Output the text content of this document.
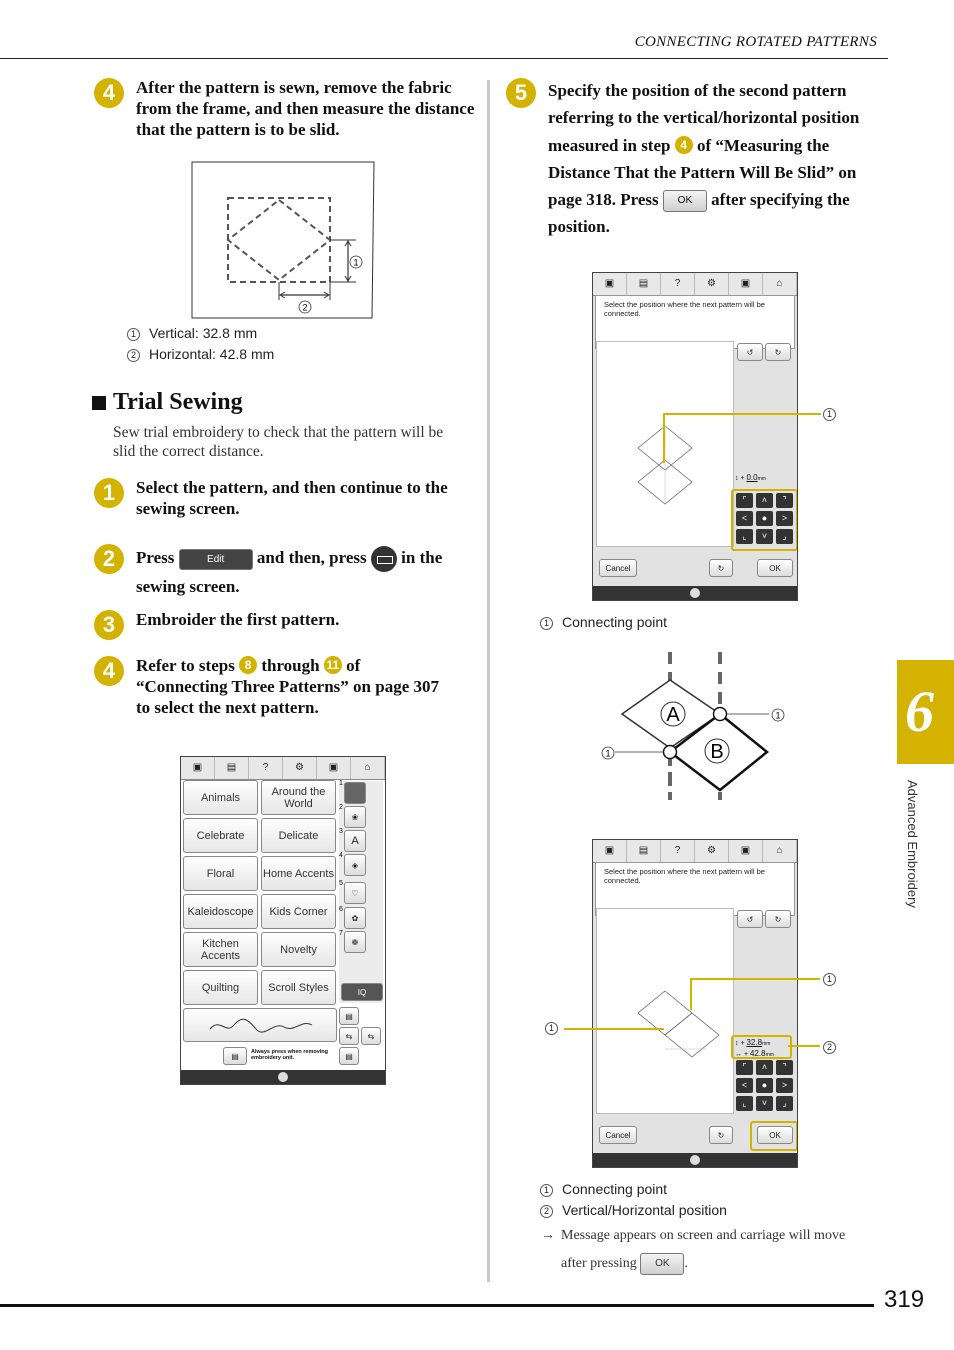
CONNECTING ROTATED PATTERNS
319
6
Advanced Embroidery
4	After the pattern is sewn, remove the fabric from the frame, and then measure the distance that the pattern is to be slid.
1
2
1 Vertical: 32.8 mm
2 Horizontal: 42.8 mm
Trial Sewing
Sew trial embroidery to check that the pattern will be slid the correct distance.
1	Select the pattern, and then continue to the sewing screen.
2	Press	Edit and then, press in the
sewing screen.
3	Embroider the first pattern.
4	Refer to steps 8 through 11 of
“Connecting Three Patterns” on page 307
to select the next pattern.
▣	▤	?	⚙	▣	⌂
Animals	Around the World
Celebrate	Delicate
Floral	Home Accents
Kaleidoscope	Kids Corner
Kitchen Accents	Novelty
Quilting	Scroll Styles
1
2
3
4
5
6
7
❀
A
◈
♡
✿
❁
IQ
▤
⇆	⇆
▤	Always press when removing embroidery unit.	▤
5	Specify the position of the second pattern
referring to the vertical/horizontal position
measured in step 4 of “Measuring the
Distance That the Pattern Will Be Slid” on
page 318. Press OK after specifying the
position.
▣	▤	?	⚙	▣	⌂
Select the position where the next pattern will be connected.
↺	↻
↕ + 0.0mm
⌜	˄	⌝
˂	●	˃
⌞	˅	⌟
Cancel	↻	OK
1
1 Connecting point
A
B
1
1
▣	▤	?	⚙	▣	⌂
Select the position where the next pattern will be connected.
↺	↻
↕ + 32.8mm
↔ + 42.8mm
⌜	˄	⌝
˂	●	˃
⌞	˅	⌟
Cancel	↻	OK
1
1
2
1 Connecting point
2 Vertical/Horizontal position
→ Message appears on screen and carriage will move
after pressing OK .
